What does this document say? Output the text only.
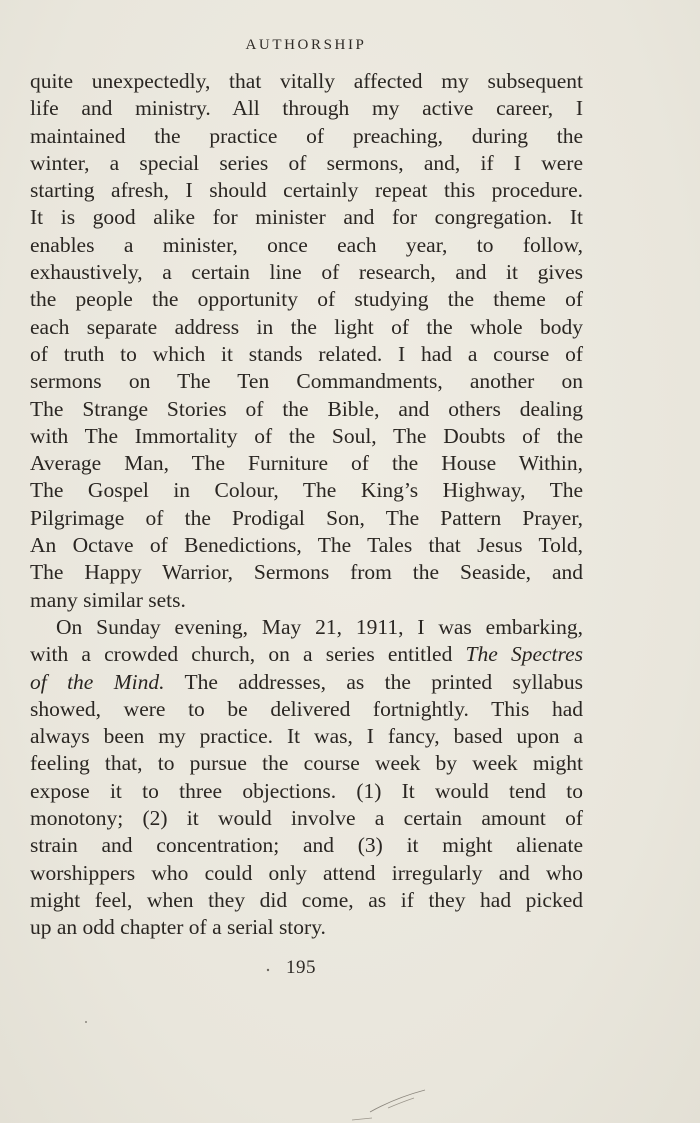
AUTHORSHIP
quite unexpectedly, that vitally affected my subsequent
life and ministry. All through my active career, I
maintained the practice of preaching, during the
winter, a special series of sermons, and, if I were
starting afresh, I should certainly repeat this procedure.
It is good alike for minister and for congregation. It
enables a minister, once each year, to follow,
exhaustively, a certain line of research, and it gives
the people the opportunity of studying the theme of
each separate address in the light of the whole body
of truth to which it stands related. I had a course of
sermons on The Ten Commandments, another on
The Strange Stories of the Bible, and others dealing
with The Immortality of the Soul, The Doubts of the
Average Man, The Furniture of the House Within,
The Gospel in Colour, The King’s Highway, The
Pilgrimage of the Prodigal Son, The Pattern Prayer,
An Octave of Benedictions, The Tales that Jesus Told,
The Happy Warrior, Sermons from the Seaside, and
many similar sets.
On Sunday evening, May 21, 1911, I was embarking,
with a crowded church, on a series entitled The Spectres
of the Mind. The addresses, as the printed syllabus
showed, were to be delivered fortnightly. This had
always been my practice. It was, I fancy, based upon a
feeling that, to pursue the course week by week might
expose it to three objections. (1) It would tend to
monotony; (2) it would involve a certain amount of
strain and concentration; and (3) it might alienate
worshippers who could only attend irregularly and who
might feel, when they did come, as if they had picked
up an odd chapter of a serial story.
195
